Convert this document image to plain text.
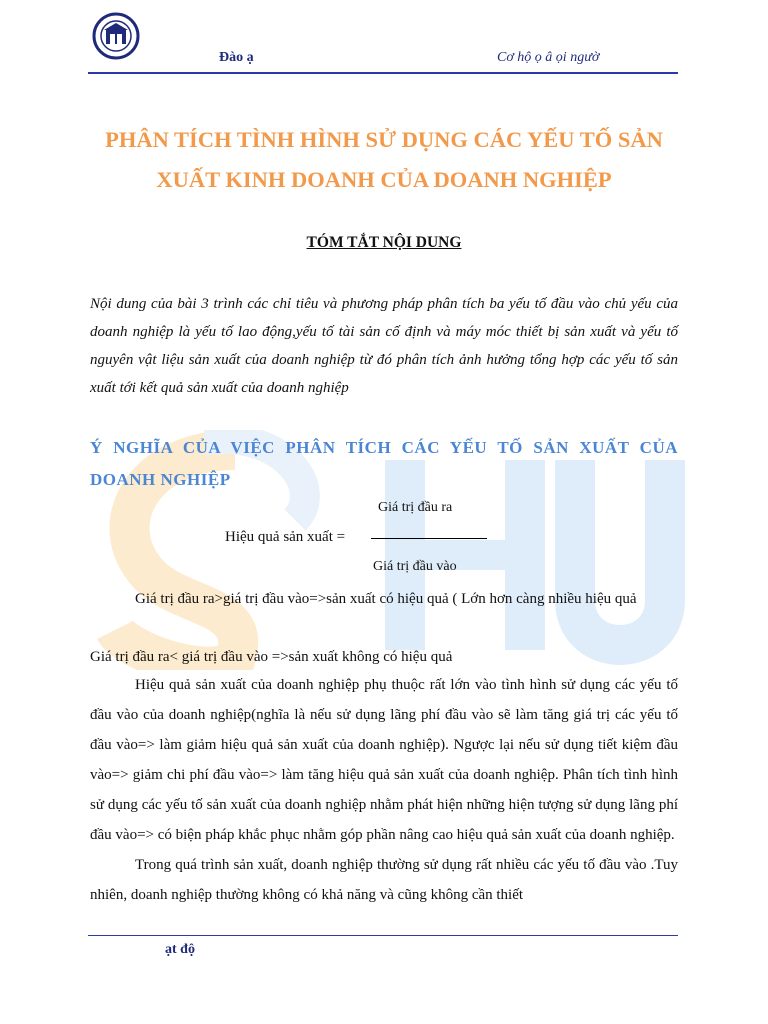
Đào ạ	Cơ hộ ọ â ọi ngườ
PHÂN TÍCH TÌNH HÌNH SỬ DỤNG CÁC YẾU TỐ SẢN XUẤT KINH DOANH CỦA DOANH NGHIỆP
TÓM TẮT NỘI DUNG
Nội dung của bài 3 trình các chỉ tiêu và phương pháp phân tích ba yếu tố đầu vào chủ yếu của doanh nghiệp là yếu tố lao động,yếu tố tài sản cố định và máy móc thiết bị sản xuất và yếu tố nguyên vật liệu sản xuất của doanh nghiệp từ đó phân tích ảnh hưởng tổng hợp các yếu tố sản xuất tới kết quả sản xuất của doanh nghiệp
Ý NGHĨA CỦA VIỆC PHÂN TÍCH CÁC YẾU TỐ SẢN XUẤT CỦA DOANH NGHIỆP
Giá trị đầu ra
Hiệu quả sản xuất =
Giá trị đầu vào
Giá trị đầu ra>giá trị đầu vào=>sản xuất có hiệu quả ( Lớn hơn càng nhiều hiệu quả
Giá trị đầu ra< giá trị đầu vào =>sản xuất không có hiệu quả
Hiệu quả sản xuất của doanh nghiệp phụ thuộc rất lớn vào tình hình sử dụng các yếu tố đầu vào của doanh nghiệp(nghĩa là nếu sử dụng lãng phí đầu vào sẽ làm tăng giá trị các yếu tố đầu vào=> làm giảm hiệu quả sản xuất của doanh nghiệp). Ngược lại nếu sử dụng tiết kiệm đầu vào=> giảm chi phí đầu vào=> làm tăng hiệu quả sản xuất của doanh nghiệp. Phân tích tình hình sử dụng các yếu tố sản xuất của doanh nghiệp nhằm phát hiện những hiện tượng sử dụng lãng phí đầu vào=> có biện pháp khắc phục nhằm góp phần nâng cao hiệu quả sản xuất của doanh nghiệp.
Trong quá trình sản xuất, doanh nghiệp thường sử dụng rất nhiều các yếu tố đầu vào .Tuy nhiên, doanh nghiệp thường không có khả năng và cũng không cần thiết
ạt độ
